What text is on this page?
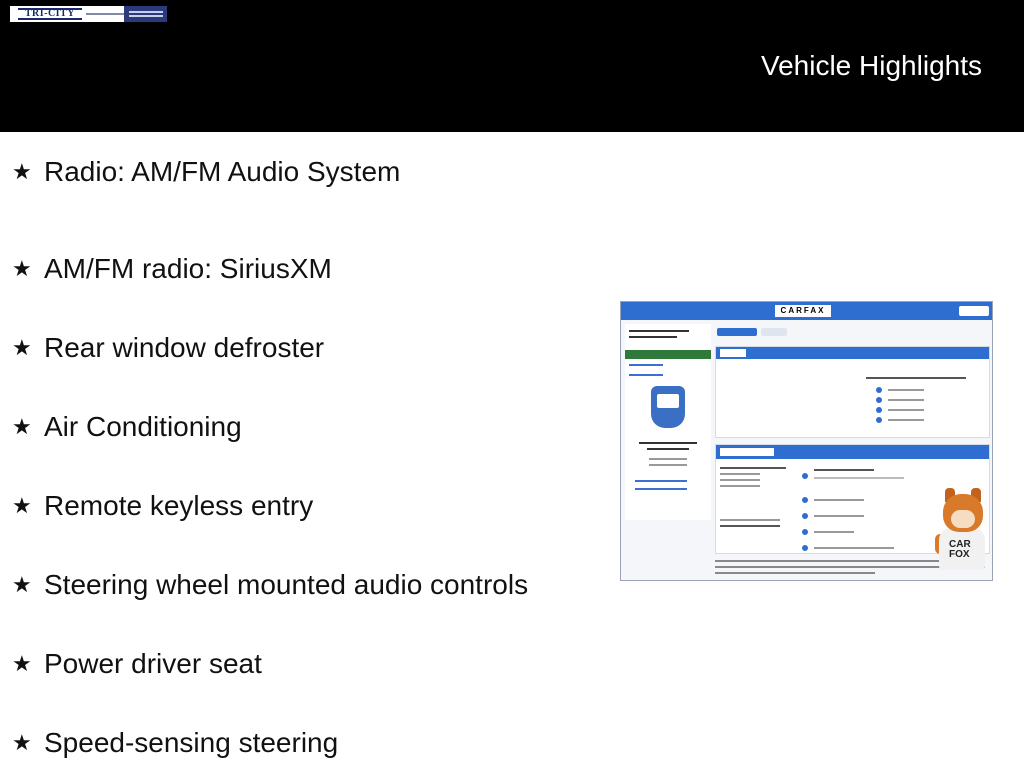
TRI-CITY
Vehicle Highlights
★ Radio: AM/FM Audio System
★ AM/FM radio: SiriusXM
★ Rear window defroster
★ Air Conditioning
★ Remote keyless entry
★ Steering wheel mounted audio controls
★ Power driver seat
★ Speed-sensing steering
CARFAX
CAR FOX
